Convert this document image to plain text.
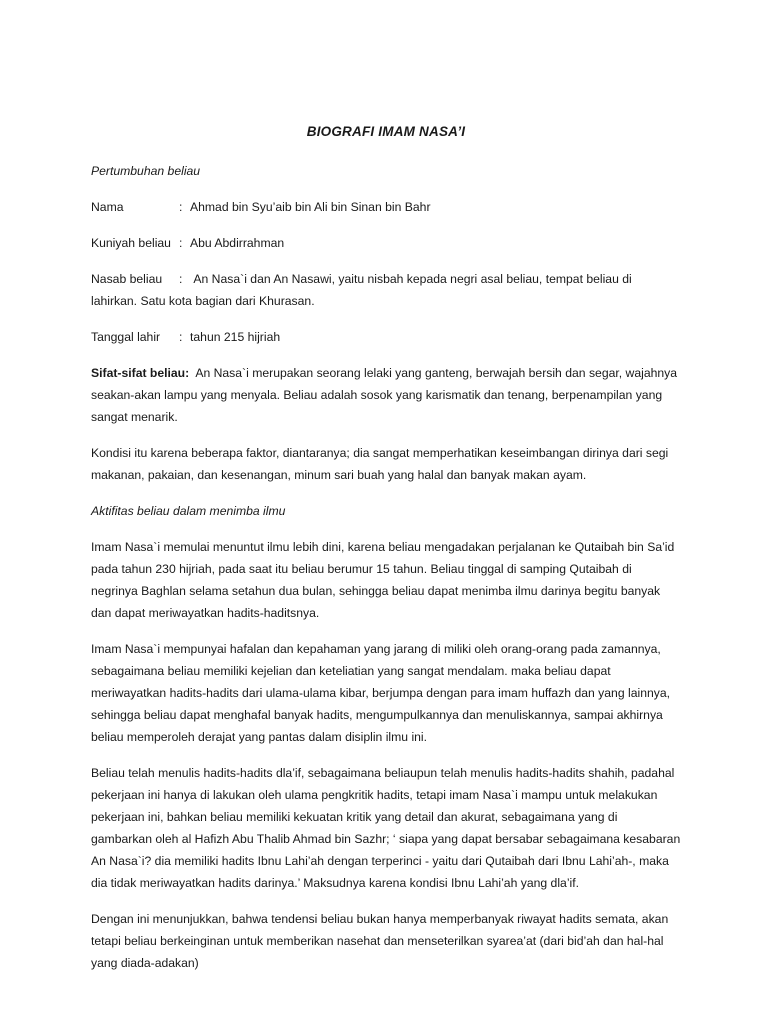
BIOGRAFI IMAM NASA’I
Pertumbuhan beliau
Nama	: Ahmad bin Syu’aib bin Ali bin Sinan bin Bahr
Kuniyah beliau : Abu Abdirrahman
Nasab beliau : An Nasa`i dan An Nasawi, yaitu nisbah kepada negri asal beliau, tempat beliau di lahirkan. Satu kota bagian dari Khurasan.
Tanggal lahir	: tahun 215 hijriah
Sifat-sifat beliau: An Nasa`i merupakan seorang lelaki yang ganteng, berwajah bersih dan segar, wajahnya seakan-akan lampu yang menyala. Beliau adalah sosok yang karismatik dan tenang, berpenampilan yang sangat menarik.
Kondisi itu karena beberapa faktor, diantaranya; dia sangat memperhatikan keseimbangan dirinya dari segi makanan, pakaian, dan kesenangan, minum sari buah yang halal dan banyak makan ayam.
Aktifitas beliau dalam menimba ilmu
Imam Nasa`i memulai menuntut ilmu lebih dini, karena beliau mengadakan perjalanan ke Qutaibah bin Sa’id pada tahun 230 hijriah, pada saat itu beliau berumur 15 tahun. Beliau tinggal di samping Qutaibah di negrinya Baghlan selama setahun dua bulan, sehingga beliau dapat menimba ilmu darinya begitu banyak dan dapat meriwayatkan hadits-haditsnya.
Imam Nasa`i mempunyai hafalan dan kepahaman yang jarang di miliki oleh orang-orang pada zamannya, sebagaimana beliau memiliki kejelian dan keteliatian yang sangat mendalam. maka beliau dapat meriwayatkan hadits-hadits dari ulama-ulama kibar, berjumpa dengan para imam huffazh dan yang lainnya, sehingga beliau dapat menghafal banyak hadits, mengumpulkannya dan menuliskannya, sampai akhirnya beliau memperoleh derajat yang pantas dalam disiplin ilmu ini.
Beliau telah menulis hadits-hadits dla’if, sebagaimana beliaupun telah menulis hadits-hadits shahih, padahal pekerjaan ini hanya di lakukan oleh ulama pengkritik hadits, tetapi imam Nasa`i mampu untuk melakukan pekerjaan ini, bahkan beliau memiliki kekuatan kritik yang detail dan akurat, sebagaimana yang di gambarkan oleh al Hafizh Abu Thalib Ahmad bin Sazhr; ‘ siapa yang dapat bersabar sebagaimana kesabaran An Nasa`i? dia memiliki hadits Ibnu Lahi’ah dengan terperinci - yaitu dari Qutaibah dari Ibnu Lahi’ah-, maka dia tidak meriwayatkan hadits darinya.’ Maksudnya karena kondisi Ibnu Lahi’ah yang dla’if.
Dengan ini menunjukkan, bahwa tendensi beliau bukan hanya memperbanyak riwayat hadits semata, akan tetapi beliau berkeinginan untuk memberikan nasehat dan menseterilkan syarea’at (dari bid’ah dan hal-hal yang diada-adakan)
